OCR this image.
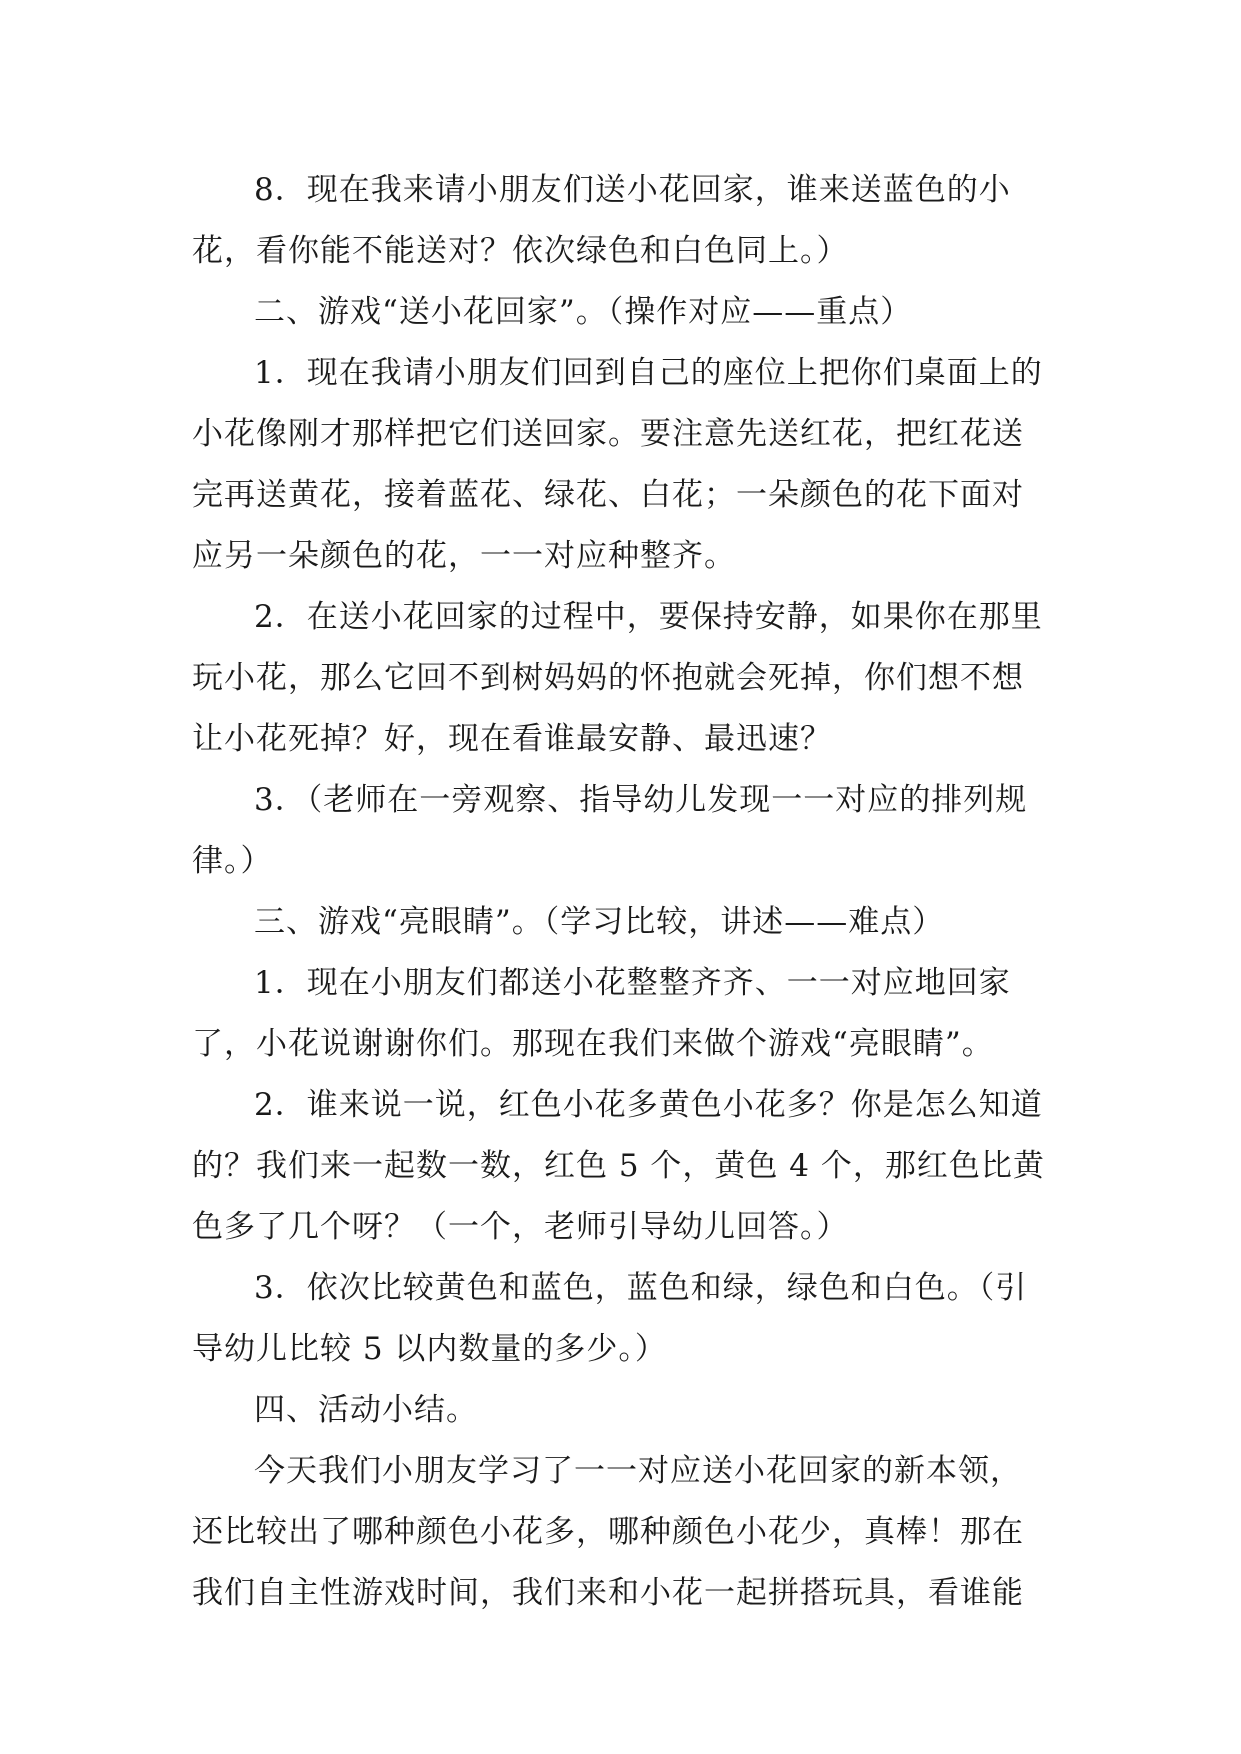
8．现在我来请小朋友们送小花回家，谁来送蓝色的小花，看你能不能送对？依次绿色和白色同上。）

二、游戏“送小花回家”。（操作对应——重点）

1．现在我请小朋友们回到自己的座位上把你们桌面上的小花像刚才那样把它们送回家。要注意先送红花，把红花送完再送黄花，接着蓝花、绿花、白花；一朵颜色的花下面对应另一朵颜色的花，一一对应种整齐。

2．在送小花回家的过程中，要保持安静，如果你在那里玩小花，那么它回不到树妈妈的怀抱就会死掉，你们想不想让小花死掉？好，现在看谁最安静、最迅速？

3．（老师在一旁观察、指导幼儿发现一一对应的排列规律。）

三、游戏“亮眼睛”。（学习比较，讲述——难点）

1．现在小朋友们都送小花整整齐齐、一一对应地回家了，小花说谢谢你们。那现在我们来做个游戏“亮眼睛”。

2．谁来说一说，红色小花多黄色小花多？你是怎么知道的？我们来一起数一数，红色 5 个，黄色 4 个，那红色比黄色多了几个呀？（一个，老师引导幼儿回答。）

3．依次比较黄色和蓝色，蓝色和绿，绿色和白色。（引导幼儿比较 5 以内数量的多少。）

四、活动小结。

今天我们小朋友学习了一一对应送小花回家的新本领，还比较出了哪种颜色小花多，哪种颜色小花少，真棒！那在我们自主性游戏时间，我们来和小花一起拼搭玩具，看谁能
